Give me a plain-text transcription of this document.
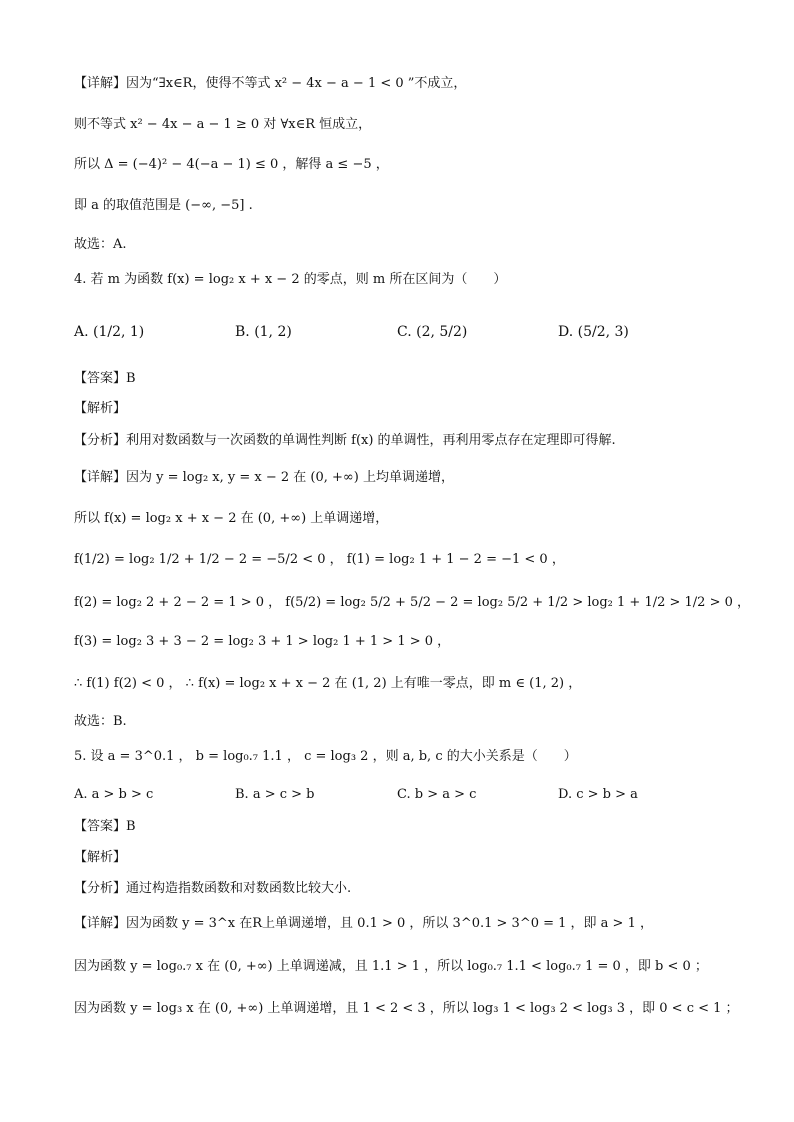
【详解】因为“∃x∈R，使得不等式 x² − 4x − a − 1 < 0 ”不成立，
则不等式 x² − 4x − a − 1 ≥ 0 对 ∀x∈R 恒成立，
所以 Δ = (−4)² − 4(−a − 1) ≤ 0 ，解得 a ≤ −5 ，
即 a 的取值范围是 (−∞, −5] .
故选：A.
4. 若 m 为函数 f(x) = log₂ x + x − 2 的零点，则 m 所在区间为（　　）
A. (1/2, 1)	B. (1, 2)	C. (2, 5/2)	D. (5/2, 3)
【答案】B
【解析】
【分析】利用对数函数与一次函数的单调性判断 f(x) 的单调性，再利用零点存在定理即可得解.
【详解】因为 y = log₂ x, y = x − 2 在 (0, +∞) 上均单调递增，
所以 f(x) = log₂ x + x − 2 在 (0, +∞) 上单调递增，
f(1/2) = log₂ 1/2 + 1/2 − 2 = −5/2 < 0 ， f(1) = log₂ 1 + 1 − 2 = −1 < 0 ，
f(2) = log₂ 2 + 2 − 2 = 1 > 0 ， f(5/2) = log₂ 5/2 + 5/2 − 2 = log₂ 5/2 + 1/2 > log₂ 1 + 1/2 > 1/2 > 0 ，
f(3) = log₂ 3 + 3 − 2 = log₂ 3 + 1 > log₂ 1 + 1 > 1 > 0 ，
∴ f(1) f(2) < 0 ， ∴ f(x) = log₂ x + x − 2 在 (1, 2) 上有唯一零点，即 m ∈ (1, 2) ，
故选：B.
5. 设 a = 3^0.1 ， b = log₀.₇ 1.1 ， c = log₃ 2 ，则 a, b, c 的大小关系是（　　）
A. a > b > c	B. a > c > b	C. b > a > c	D. c > b > a
【答案】B
【解析】
【分析】通过构造指数函数和对数函数比较大小.
【详解】因为函数 y = 3^x 在R上单调递增，且 0.1 > 0 ，所以 3^0.1 > 3^0 = 1 ，即 a > 1 ，
因为函数 y = log₀.₇ x 在 (0, +∞) 上单调递减，且 1.1 > 1 ，所以 log₀.₇ 1.1 < log₀.₇ 1 = 0 ，即 b < 0 ；
因为函数 y = log₃ x 在 (0, +∞) 上单调递增，且 1 < 2 < 3 ，所以 log₃ 1 < log₃ 2 < log₃ 3 ，即 0 < c < 1 ；
